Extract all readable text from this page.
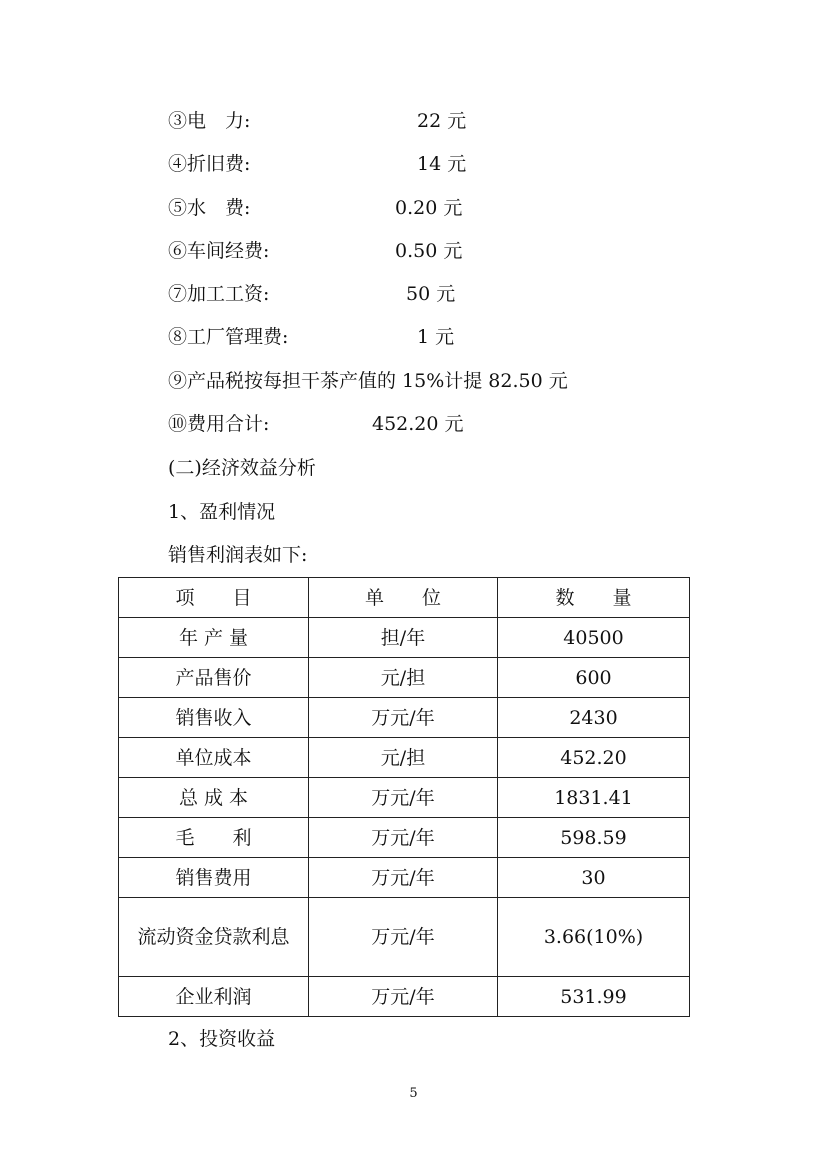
③电　力:	22 元
④折旧费:	14 元
⑤水　费:	0.20 元
⑥车间经费:	0.50 元
⑦加工工资:	50 元
⑧工厂管理费:	1 元
⑨产品税按每担干茶产值的 15%计提 82.50 元
⑩费用合计:	452.20 元
(二)经济效益分析
1、盈利情况
销售利润表如下:
项　　目	单　　位	数　　量
年 产 量	担/年	40500
产品售价	元/担	600
销售收入	万元/年	2430
单位成本	元/担	452.20
总 成 本	万元/年	1831.41
毛　　利	万元/年	598.59
销售费用	万元/年	30
流动资金贷款利息	万元/年	3.66(10%)
企业利润	万元/年	531.99
2、投资收益
5
